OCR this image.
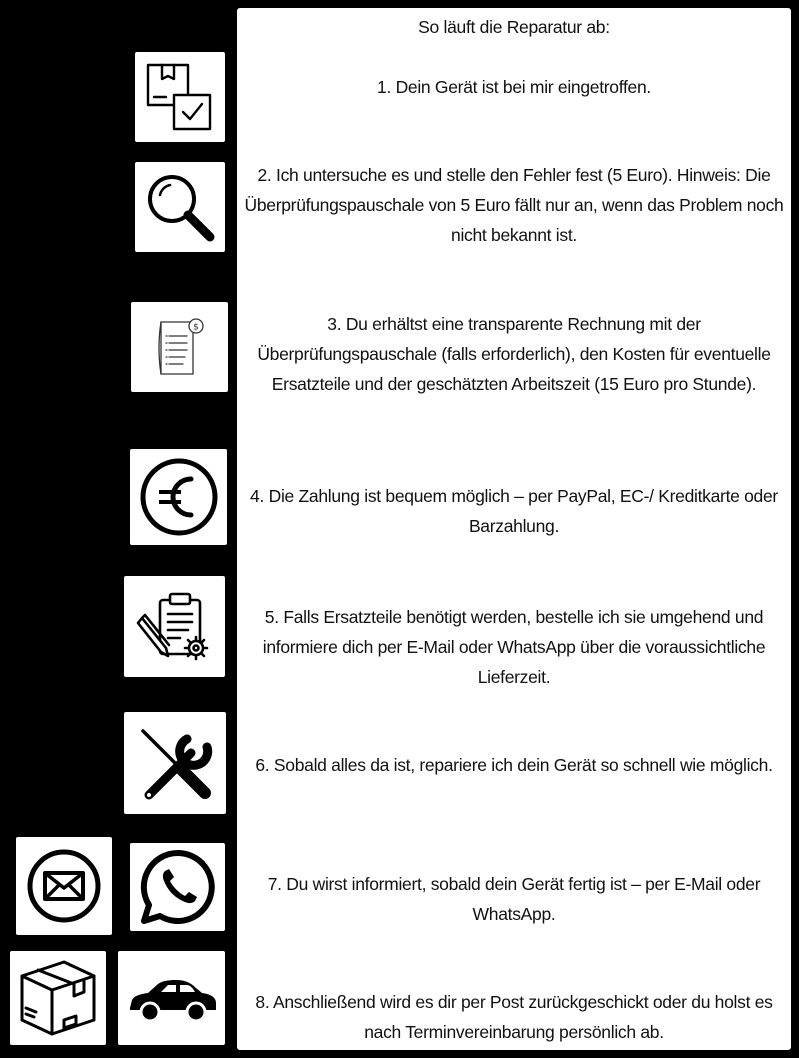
So läuft die Reparatur ab:
1. Dein Gerät ist bei mir eingetroffen.
2. Ich untersuche es und stelle den Fehler fest (5 Euro). Hinweis: Die Überprüfungspauschale von 5 Euro fällt nur an, wenn das Problem noch nicht bekannt ist.
3. Du erhältst eine transparente Rechnung mit der Überprüfungspauschale (falls erforderlich), den Kosten für eventuelle Ersatzteile und der geschätzten Arbeitszeit (15 Euro pro Stunde).
4. Die Zahlung ist bequem möglich – per PayPal, EC-/ Kreditkarte oder Barzahlung.
5. Falls Ersatzteile benötigt werden, bestelle ich sie umgehend und informiere dich per E-Mail oder WhatsApp über die voraussichtliche Lieferzeit.
6. Sobald alles da ist, repariere ich dein Gerät so schnell wie möglich.
7. Du wirst informiert, sobald dein Gerät fertig ist – per E-Mail oder WhatsApp.
8. Anschließend wird es dir per Post zurückgeschickt oder du holst es nach Terminvereinbarung persönlich ab.
$
